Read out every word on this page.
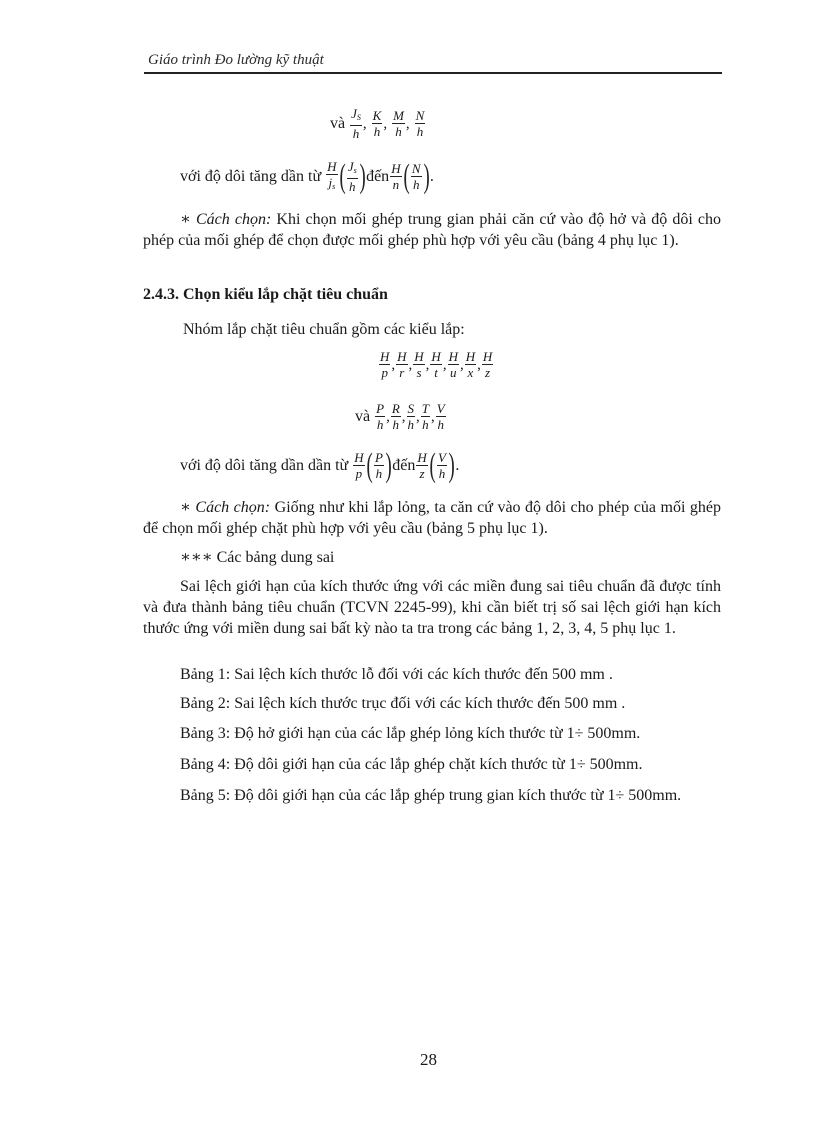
Giáo trình Đo lường kỹ thuật
và $\frac{J_S}{h}$ , $\frac{K}{h}$ , $\frac{M}{h}$ , $\frac{N}{h}$
với độ dôi tăng dần từ $\frac{H}{j_s}$ ( $\frac{J_s}{h}$ )đến $\frac{H}{n}$ ( $\frac{N}{h}$ ).
∗ Cách chọn: Khi chọn mối ghép trung gian phải căn cứ vào độ hở và độ dôi cho phép của mối ghép để chọn được mối ghép phù hợp với yêu cầu (bảng 4 phụ lục 1).
2.4.3. Chọn kiểu lắp chặt tiêu chuẩn
Nhóm lắp chặt tiêu chuẩn gồm các kiểu lắp:
$\frac{H}{p}$ , $\frac{H}{r}$ , $\frac{H}{s}$ , $\frac{H}{t}$ , $\frac{H}{u}$ , $\frac{H}{x}$ , $\frac{H}{z}$
và $\frac{P}{h}$ , $\frac{R}{h}$ , $\frac{S}{h}$ , $\frac{T}{h}$ , $\frac{V}{h}$
với độ dôi tăng dần dần từ $\frac{H}{p}$ ( $\frac{P}{h}$ )đến $\frac{H}{z}$ ( $\frac{V}{h}$ ).
∗ Cách chọn: Giống như khi lắp lỏng, ta căn cứ vào độ dôi cho phép của mối ghép để chọn mối ghép chặt phù hợp với yêu cầu (bảng 5 phụ lục 1).
∗∗∗ Các bảng dung sai
Sai lệch giới hạn của kích thước ứng với các miền đung sai tiêu chuẩn đã được tính và đưa thành bảng tiêu chuẩn (TCVN 2245-99), khi cần biết trị số sai lệch giới hạn kích thước ứng với miền dung sai bất kỳ nào ta tra trong các bảng 1, 2, 3, 4, 5 phụ lục 1.
Bảng 1: Sai lệch kích thước lỗ đối với các kích thước đến 500 mm .
Bảng 2: Sai lệch kích thước trục đối với các kích thước đến 500 mm .
Bảng 3: Độ hở giới hạn của các lắp ghép lỏng kích thước từ 1÷ 500mm.
Bảng 4: Độ dôi giới hạn của các lắp ghép chặt kích thước từ 1÷ 500mm.
Bảng 5: Độ dôi giới hạn của các lắp ghép trung gian kích thước từ 1÷ 500mm.
28
